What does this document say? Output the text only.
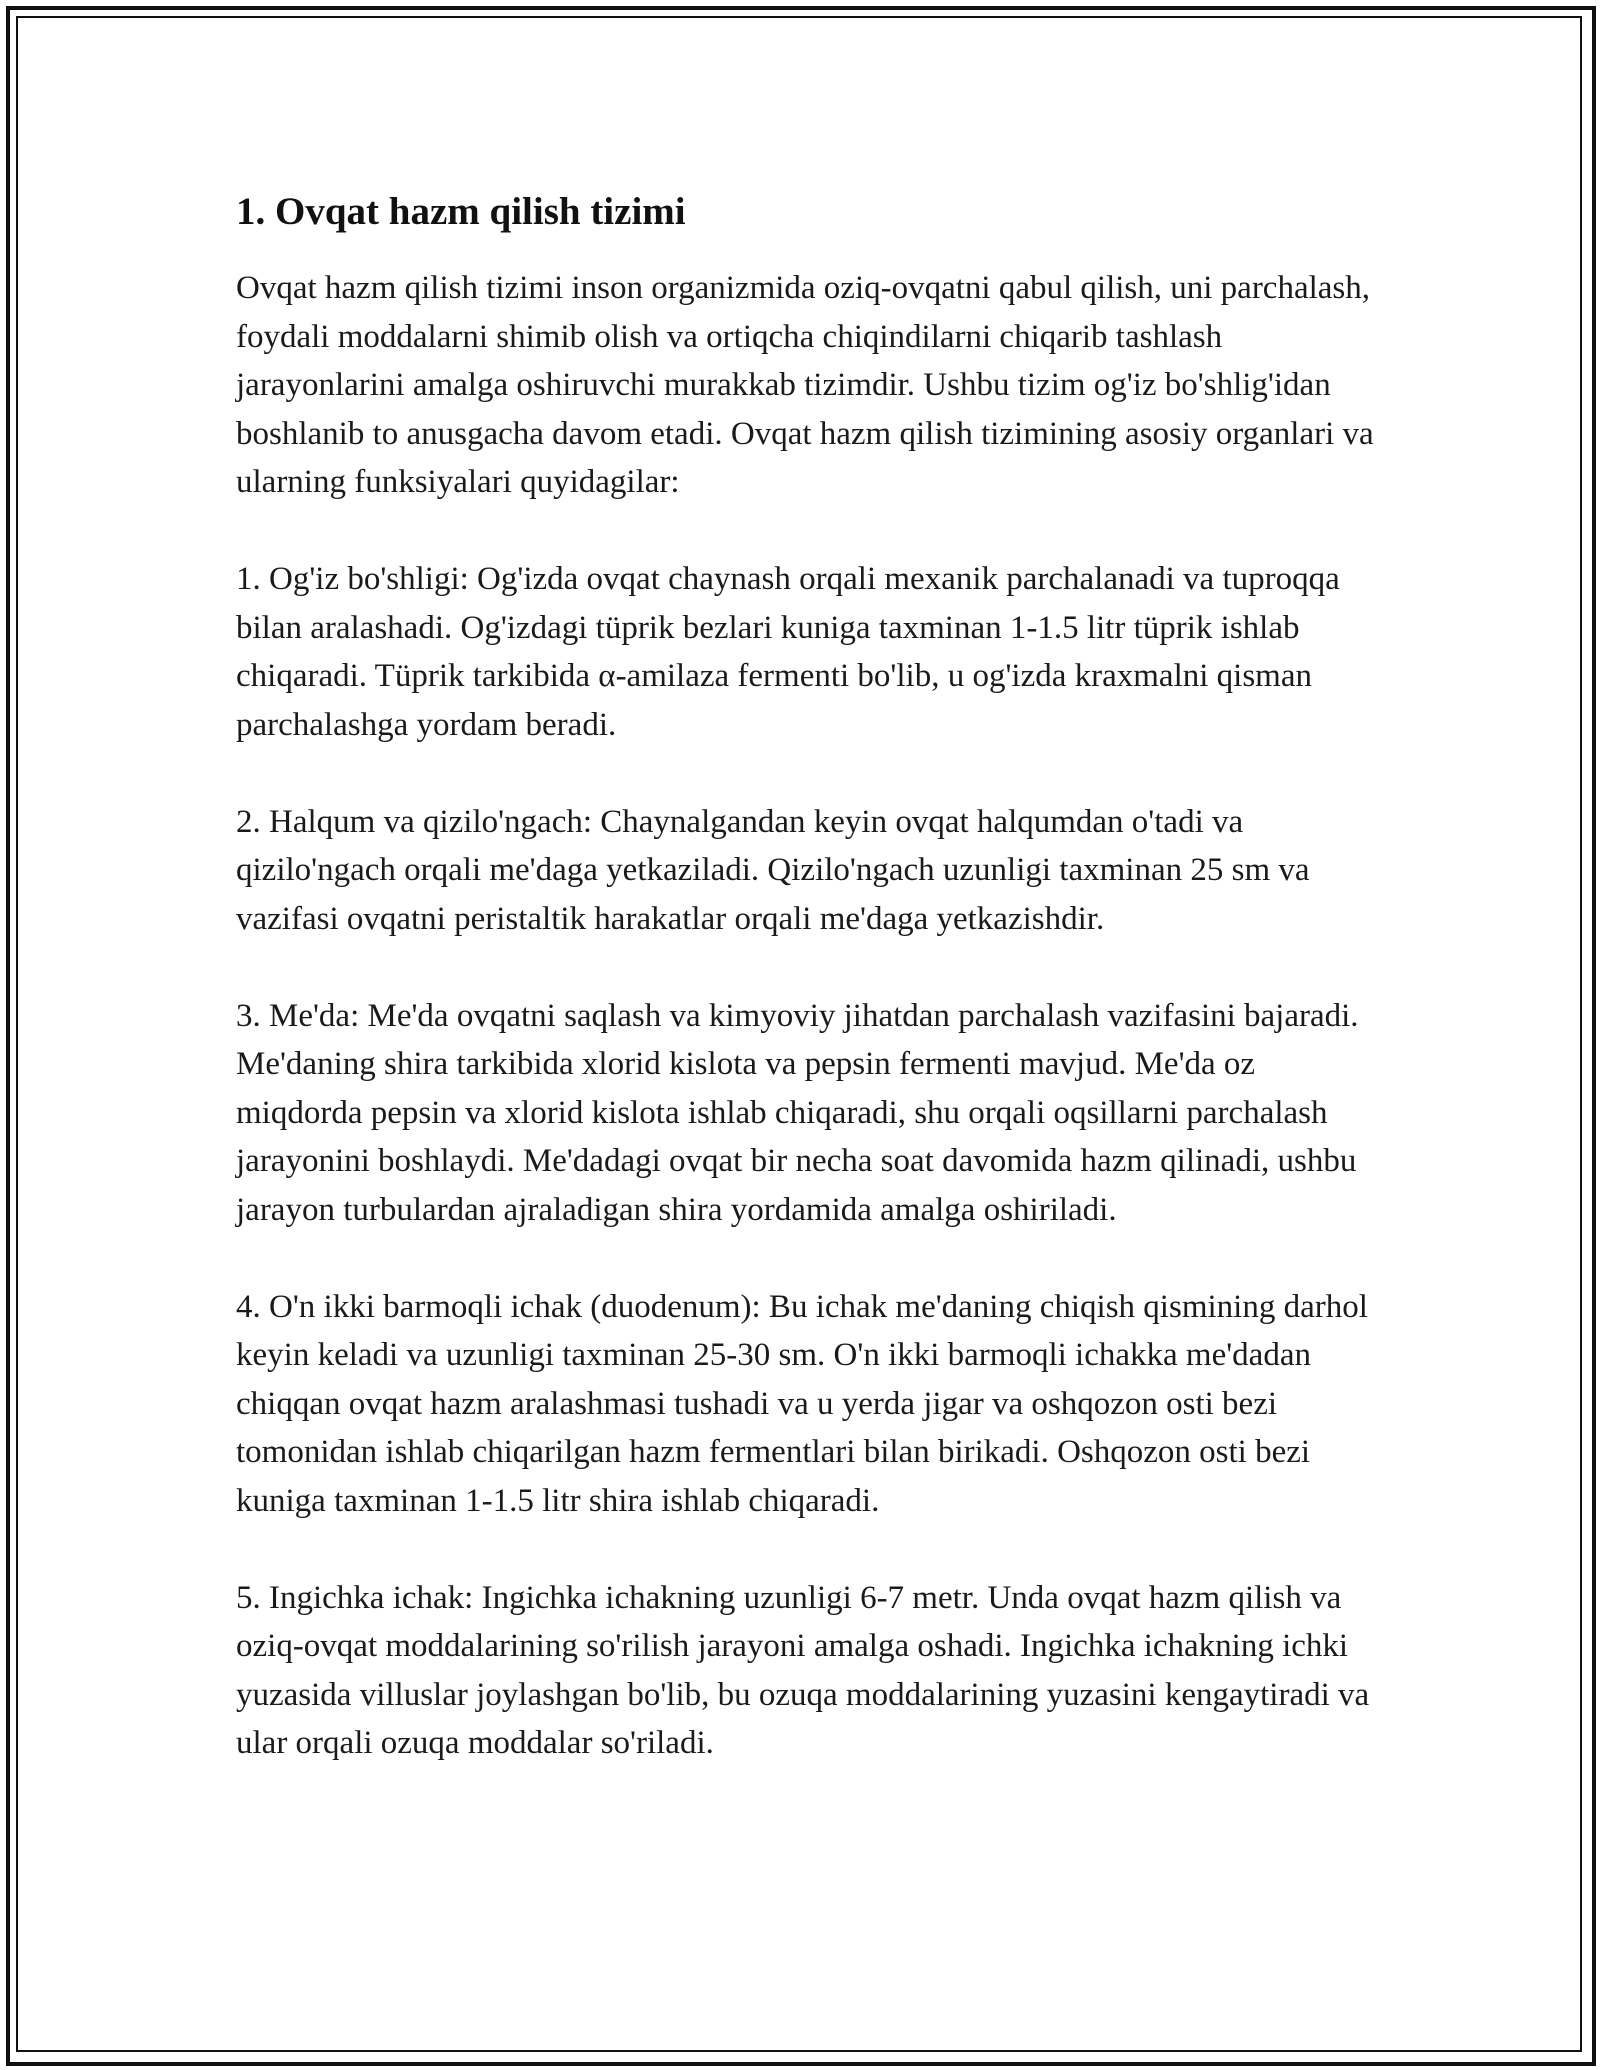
1. Ovqat hazm qilish tizimi

Ovqat hazm qilish tizimi inson organizmida oziq-ovqatni qabul qilish, uni parchalash, foydali moddalarni shimib olish va ortiqcha chiqindilarni chiqarib tashlash jarayonlarini amalga oshiruvchi murakkab tizimdir. Ushbu tizim og'iz bo'shlig'idan boshlanib to anusgacha davom etadi. Ovqat hazm qilish tizimining asosiy organlari va ularning funksiyalari quyidagilar:

1. Og'iz bo'shligi: Og'izda ovqat chaynash orqali mexanik parchalanadi va tuproqqa bilan aralashadi. Og'izdagi tüprik bezlari kuniga taxminan 1-1.5 litr tüprik ishlab chiqaradi. Tüprik tarkibida α-amilaza fermenti bo'lib, u og'izda kraxmalni qisman parchalashga yordam beradi.

2. Halqum va qizilo'ngach: Chaynalgandan keyin ovqat halqumdan o'tadi va qizilo'ngach orqali me'daga yetkaziladi. Qizilo'ngach uzunligi taxminan 25 sm va vazifasi ovqatni peristaltik harakatlar orqali me'daga yetkazishdir.

3. Me'da: Me'da ovqatni saqlash va kimyoviy jihatdan parchalash vazifasini bajaradi. Me'daning shira tarkibida xlorid kislota va pepsin fermenti mavjud. Me'da oz miqdorda pepsin va xlorid kislota ishlab chiqaradi, shu orqali oqsillarni parchalash jarayonini boshlaydi. Me'dadagi ovqat bir necha soat davomida hazm qilinadi, ushbu jarayon turbulardan ajraladigan shira yordamida amalga oshiriladi.

4. O'n ikki barmoqli ichak (duodenum): Bu ichak me'daning chiqish qismining darhol keyin keladi va uzunligi taxminan 25-30 sm. O'n ikki barmoqli ichakka me'dadan chiqqan ovqat hazm aralashmasi tushadi va u yerda jigar va oshqozon osti bezi tomonidan ishlab chiqarilgan hazm fermentlari bilan birikadi. Oshqozon osti bezi kuniga taxminan 1-1.5 litr shira ishlab chiqaradi.

5. Ingichka ichak: Ingichka ichakning uzunligi 6-7 metr. Unda ovqat hazm qilish va oziq-ovqat moddalarining so'rilish jarayoni amalga oshadi. Ingichka ichakning ichki yuzasida villuslar joylashgan bo'lib, bu ozuqa moddalarining yuzasini kengaytiradi va ular orqali ozuqa moddalar so'riladi.
